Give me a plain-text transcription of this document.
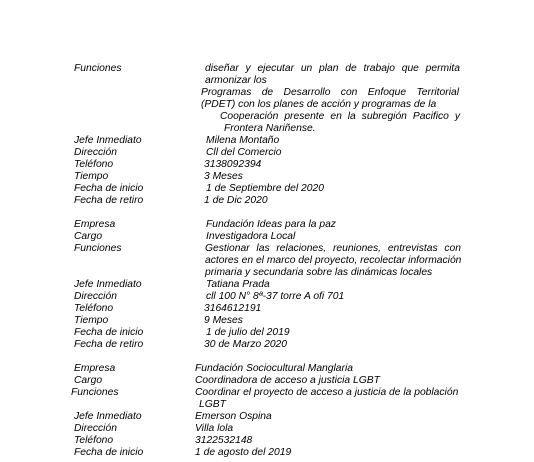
Funciones	diseñar y ejecutar un plan de trabajo que permita

armonizar los

Programas de Desarrollo con Enfoque Territorial

(PDET) con los planes de acción y programas de la

Cooperación presente en la subregión Pacifico y

Frontera Nariñense.

Jefe Inmediato	Milena Montaño

Dirección	Cll del Comercio

Teléfono	3138092394

Tiempo	3 Meses

Fecha de inicio	1 de Septiembre del 2020

Fecha de retiro	1 de Dic 2020

Empresa	Fundación Ideas para la paz

Cargo	Investigadora Local

Funciones	Gestionar las relaciones, reuniones, entrevistas con

actores en el marco del proyecto, recolectar información

primaria y secundaria sobre las dinámicas locales

Jefe Inmediato	Tatiana Prada

Dirección	cll 100 N° 8ª-37 torre A ofi 701

Teléfono	3164612191

Tiempo	9 Meses

Fecha de inicio	1 de julio del 2019

Fecha de retiro	30 de Marzo 2020

Empresa	Fundación Sociocultural Manglaria

Cargo	Coordinadora de acceso a justicia LGBT

Funciones	Coordinar el proyecto de acceso a justicia de la población

LGBT

Jefe Inmediato	Emerson Ospina

Dirección	Villa lola

Teléfono	3122532148

Fecha de inicio	1 de agosto del 2019
